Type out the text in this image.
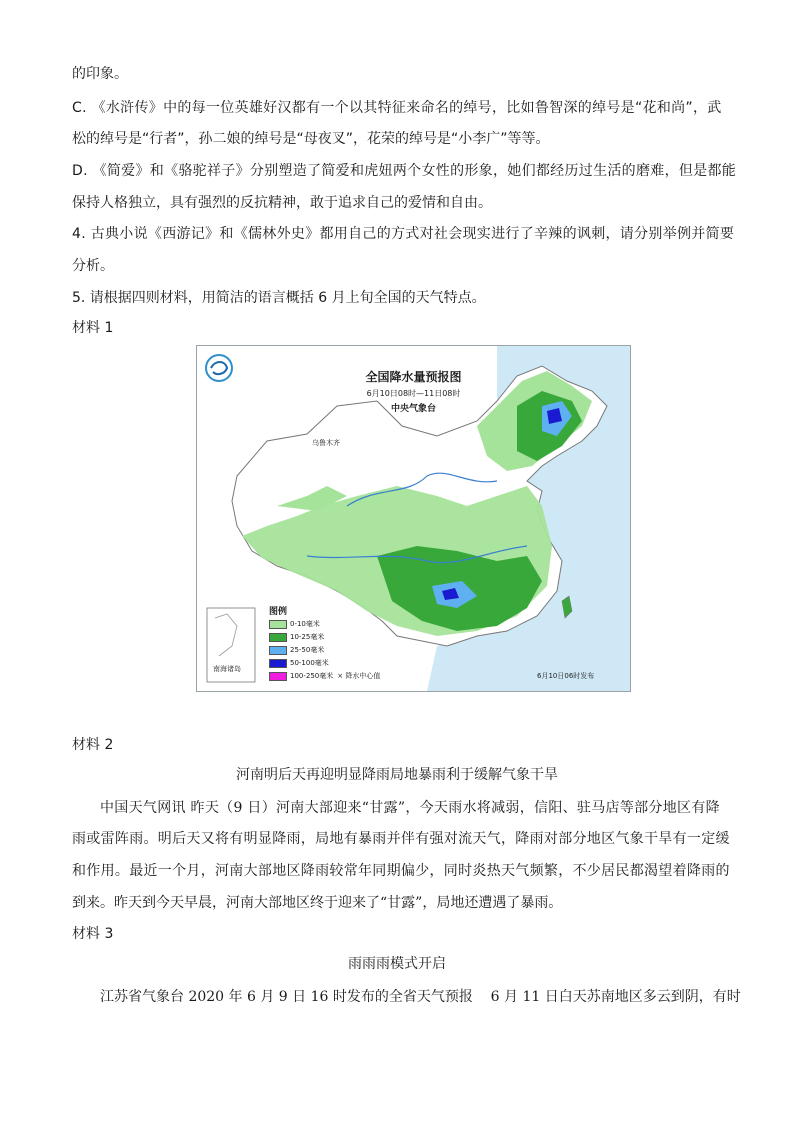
的印象。
C. 《水浒传》中的每一位英雄好汉都有一个以其特征来命名的绰号，比如鲁智深的绰号是“花和尚”，武
松的绰号是“行者”，孙二娘的绰号是“母夜叉”，花荣的绰号是“小李广”等等。
D. 《简爱》和《骆驼祥子》分别塑造了简爱和虎妞两个女性的形象，她们都经历过生活的磨难，但是都能
保持人格独立，具有强烈的反抗精神，敢于追求自己的爱情和自由。
4. 古典小说《西游记》和《儒林外史》都用自己的方式对社会现实进行了辛辣的讽刺，请分别举例并简要
分析。
5. 请根据四则材料，用简洁的语言概括 6 月上旬全国的天气特点。
材料 1
全国降水量预报图
6月10日08时—11日08时
中央气象台
乌鲁木齐
南海诸岛
图例
0-10毫米
10-25毫米
25-50毫米
50-100毫米
100-250毫米 × 降水中心值	6月10日06时发布
材料 2
河南明后天再迎明显降雨局地暴雨利于缓解气象干旱
中国天气网讯 昨天（9 日）河南大部迎来“甘露”，今天雨水将减弱，信阳、驻马店等部分地区有降
雨或雷阵雨。明后天又将有明显降雨，局地有暴雨并伴有强对流天气，降雨对部分地区气象干旱有一定缓
和作用。最近一个月，河南大部地区降雨较常年同期偏少，同时炎热天气频繁，不少居民都渴望着降雨的
到来。昨天到今天早晨，河南大部地区终于迎来了“甘露”，局地还遭遇了暴雨。
材料 3
雨雨雨模式开启
江苏省气象台 2020 年 6 月 9 日 16 时发布的全省天气预报    6 月 11 日白天苏南地区多云到阴，有时
